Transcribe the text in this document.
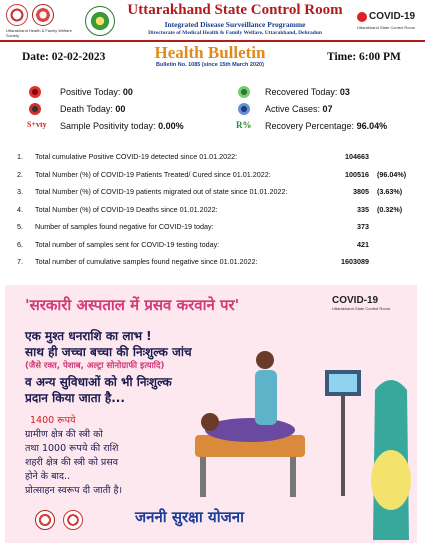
Uttarakhand Health & Family Welfare Society
Uttarakhand State Control Room
Integrated Disease Surveillance Programme
Directorate of Medical Health & Family Welfare, Uttarakhand, Dehradun
COVID-19
Uttarakhand State Control Room
Date: 02-02-2023	Health Bulletin
Bulletin No. 1085 (since 15th March 2020)
Time: 6:00 PM
Positive Today: 00
Death Today: 00
S+vty Sample Positivity today: 0.00%
Recovered Today: 03
Active Cases: 07
R% Recovery Percentage: 96.04%
1. Total cumulative Positive COVID-19 detected since 01.01.2022:	104663
2. Total Number (%) of COVID-19 Patients Treated/ Cured since 01.01.2022:	100516 (96.04%)
3. Total Number (%) of COVID-19 patients migrated out of state since 01.01.2022:	3805 (3.63%)
4. Total Number (%) of COVID-19 Deaths since 01.01.2022:	335 (0.32%)
5. Number of samples found negative for COVID-19 today:	373
6. Total number of samples sent for COVID-19 testing today:	421
7. Total number of cumulative samples found negative since 01.01.2022:	1603089
'सरकारी अस्पताल में प्रसव करवाने पर'	COVID-19
Uttarakhand State Control Room
एक मुश्त धनराशि का लाभ !
साथ ही जच्चा बच्चा की निःशुल्क जांच
(जैसे रक्त, पेशाब, अल्ट्रा सोनोग्राफी इत्यादि)
व अन्य सुविधाओं को भी निःशुल्क
प्रदान किया जाता है...
1400 रूपये
ग्रामीण क्षेत्र की स्त्री को
तथा 1000 रूपये की राशि
शहरी क्षेत्र की स्त्री को प्रसव
होने के बाद..
प्रोत्साहन स्वरूप दी जाती है।
जननी सुरक्षा योजना
